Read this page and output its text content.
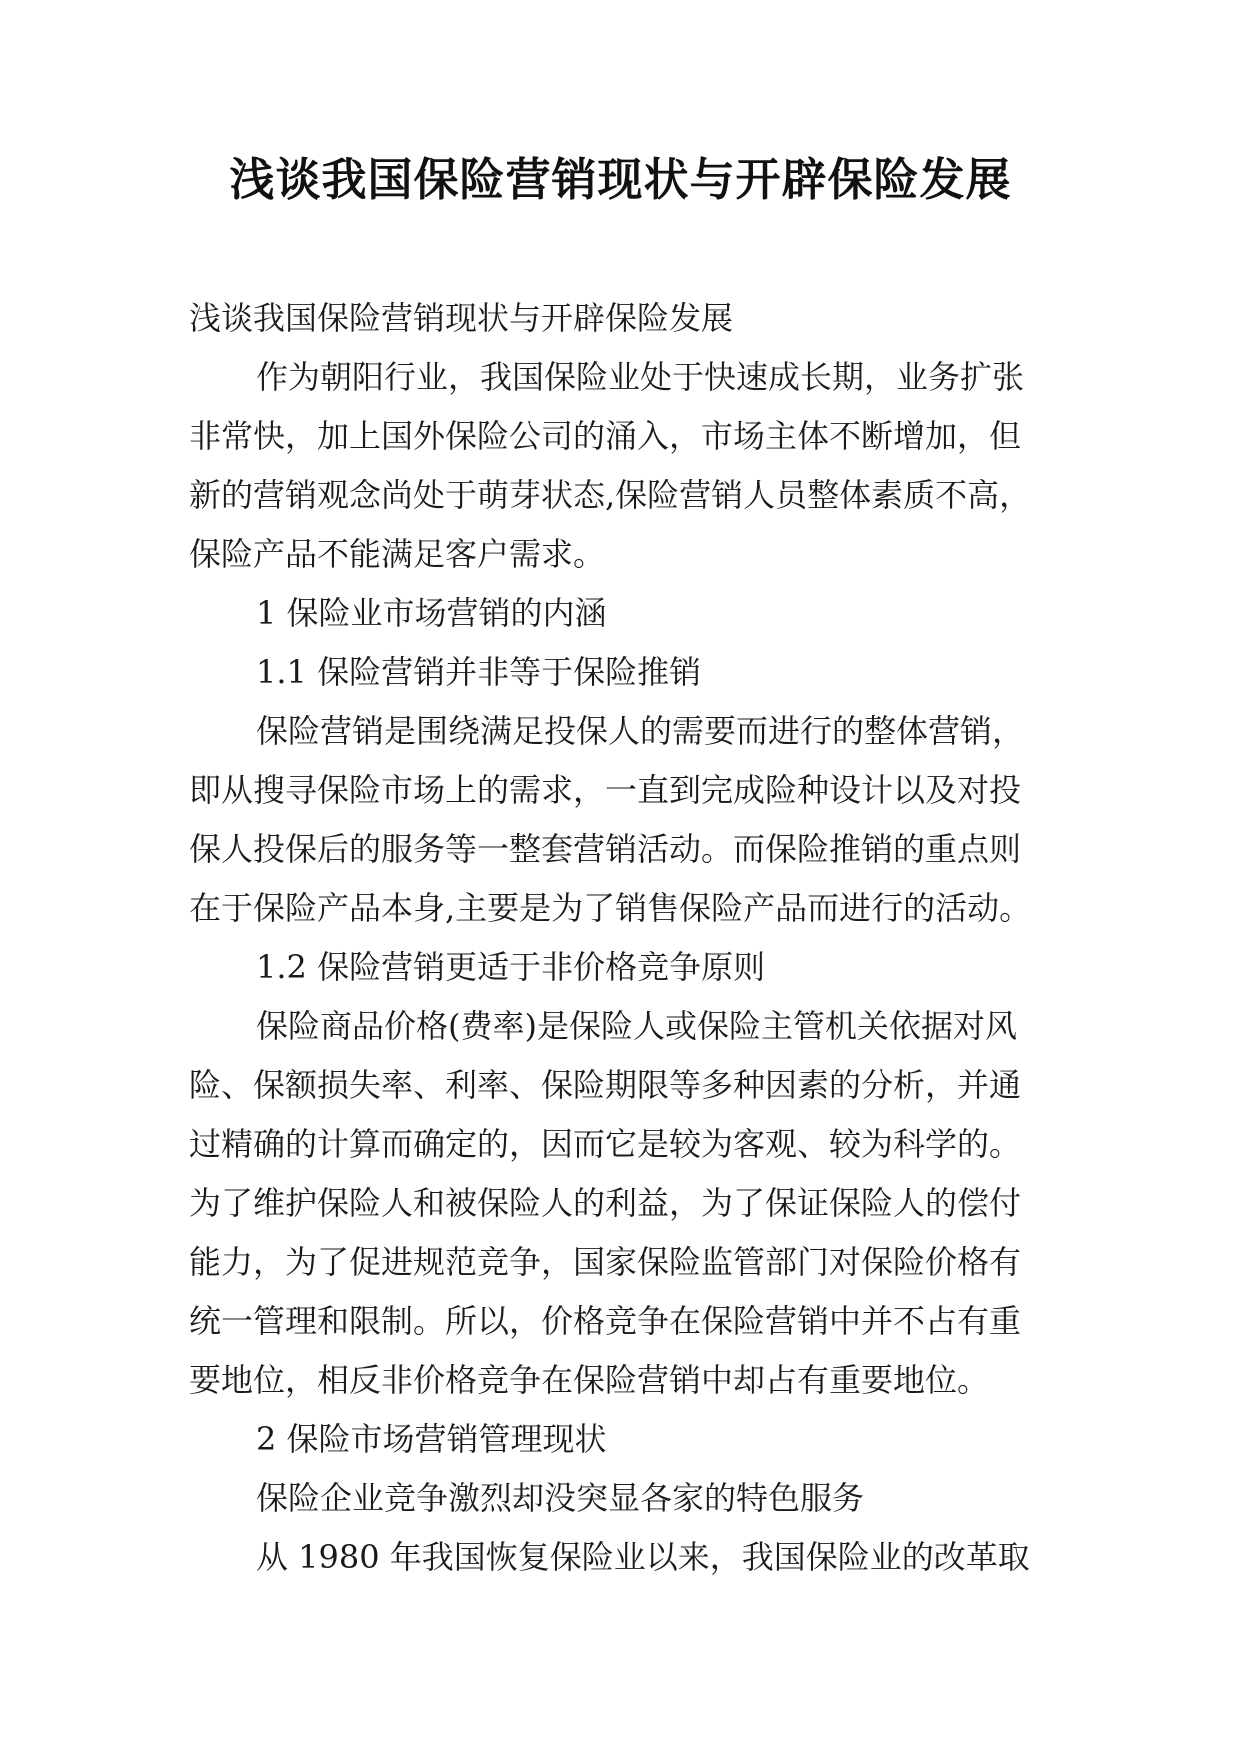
浅谈我国保险营销现状与开辟保险发展

浅谈我国保险营销现状与开辟保险发展

作为朝阳行业，我国保险业处于快速成长期，业务扩张

非常快，加上国外保险公司的涌入，市场主体不断增加，但

新的营销观念尚处于萌芽状态,保险营销人员整体素质不高，

保险产品不能满足客户需求。

1 保险业市场营销的内涵

1.1 保险营销并非等于保险推销

保险营销是围绕满足投保人的需要而进行的整体营销，

即从搜寻保险市场上的需求，一直到完成险种设计以及对投

保人投保后的服务等一整套营销活动。而保险推销的重点则

在于保险产品本身,主要是为了销售保险产品而进行的活动。

1.2 保险营销更适于非价格竞争原则

保险商品价格(费率)是保险人或保险主管机关依据对风

险、保额损失率、利率、保险期限等多种因素的分析，并通

过精确的计算而确定的，因而它是较为客观、较为科学的。

为了维护保险人和被保险人的利益，为了保证保险人的偿付

能力，为了促进规范竞争，国家保险监管部门对保险价格有

统一管理和限制。所以，价格竞争在保险营销中并不占有重

要地位，相反非价格竞争在保险营销中却占有重要地位。

2 保险市场营销管理现状

保险企业竞争激烈却没突显各家的特色服务

从 1980 年我国恢复保险业以来，我国保险业的改革取
